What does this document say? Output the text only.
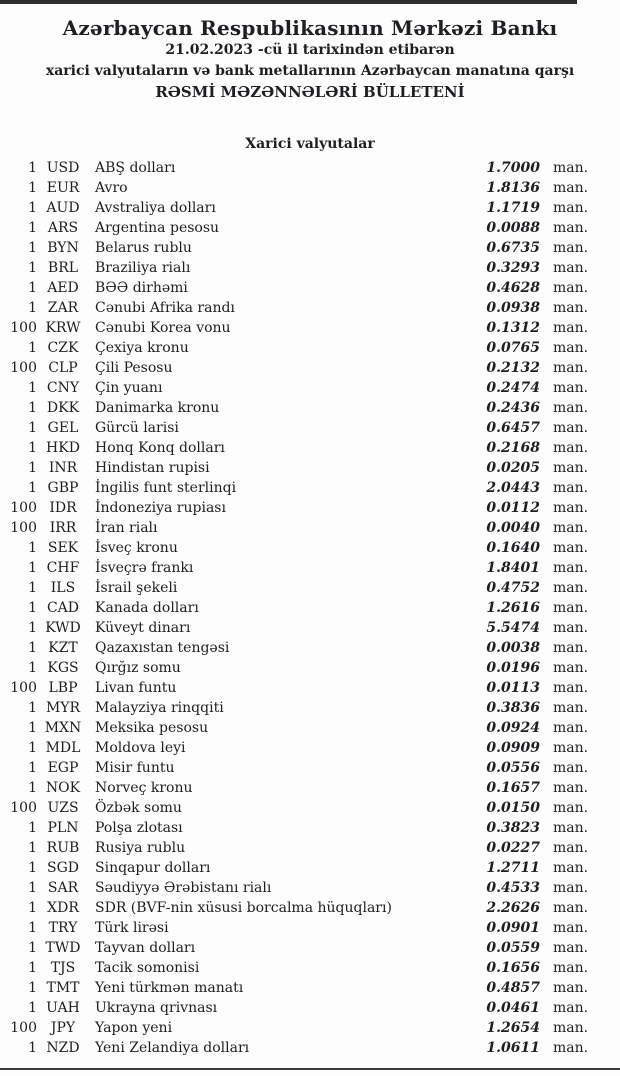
Azərbaycan Respublikasının Mərkəzi Bankı
21.02.2023 -cü il tarixindən etibarən
xarici valyutaların və bank metallarının Azərbaycan manatına qarşı
RƏSMİ MƏZƏNNƏLƏRİ BÜLLETENİ
Xarici valyutalar
1 USD	ABŞ dolları	1.7000 man.
1 EUR	Avro	1.8136 man.
1 AUD	Avstraliya dolları	1.1719 man.
1 ARS	Argentina pesosu	0.0088 man.
1 BYN	Belarus rublu	0.6735 man.
1 BRL	Braziliya rialı	0.3293 man.
1 AED	BƏƏ dirhəmi	0.4628 man.
1 ZAR	Cənubi Afrika randı	0.0938 man.
100 KRW	Cənubi Korea vonu	0.1312 man.
1 CZK	Çexiya kronu	0.0765 man.
100 CLP	Çili Pesosu	0.2132 man.
1 CNY	Çin yuanı	0.2474 man.
1 DKK	Danimarka kronu	0.2436 man.
1 GEL	Gürcü larisi	0.6457 man.
1 HKD	Honq Konq dolları	0.2168 man.
1 INR	Hindistan rupisi	0.0205 man.
1 GBP	İngilis funt sterlinqi	2.0443 man.
100 IDR	İndoneziya rupiası	0.0112 man.
100 IRR	İran rialı	0.0040 man.
1 SEK	İsveç kronu	0.1640 man.
1 CHF	İsveçrə frankı	1.8401 man.
1 ILS	İsrail şekeli	0.4752 man.
1 CAD	Kanada dolları	1.2616 man.
1 KWD	Küveyt dinarı	5.5474 man.
1 KZT	Qazaxıstan tengəsi	0.0038 man.
1 KGS	Qırğız somu	0.0196 man.
100 LBP	Livan funtu	0.0113 man.
1 MYR	Malayziya rinqqiti	0.3836 man.
1 MXN Meksika pesosu	0.0924 man.
1 MDL	Moldova leyi	0.0909 man.
1 EGP	Misir funtu	0.0556 man.
1 NOK	Norveç kronu	0.1657 man.
100 UZS	Özbək somu	0.0150 man.
1 PLN	Polşa zlotası	0.3823 man.
1 RUB	Rusiya rublu	0.0227 man.
1 SGD	Sinqapur dolları	1.2711 man.
1 SAR	Səudiyyə Ərəbistanı rialı	0.4533 man.
1 XDR	SDR (BVF-nin xüsusi borcalma hüquqları)	2.2626 man.
1 TRY	Türk lirəsi	0.0901 man.
1 TWD	Tayvan dolları	0.0559 man.
1 TJS	Tacik somonisi	0.1656 man.
1 TMT	Yeni türkmən manatı	0.4857 man.
1 UAH	Ukrayna qrivnası	0.0461 man.
100 JPY	Yapon yeni	1.2654 man.
1 NZD	Yeni Zelandiya dolları	1.0611 man.
